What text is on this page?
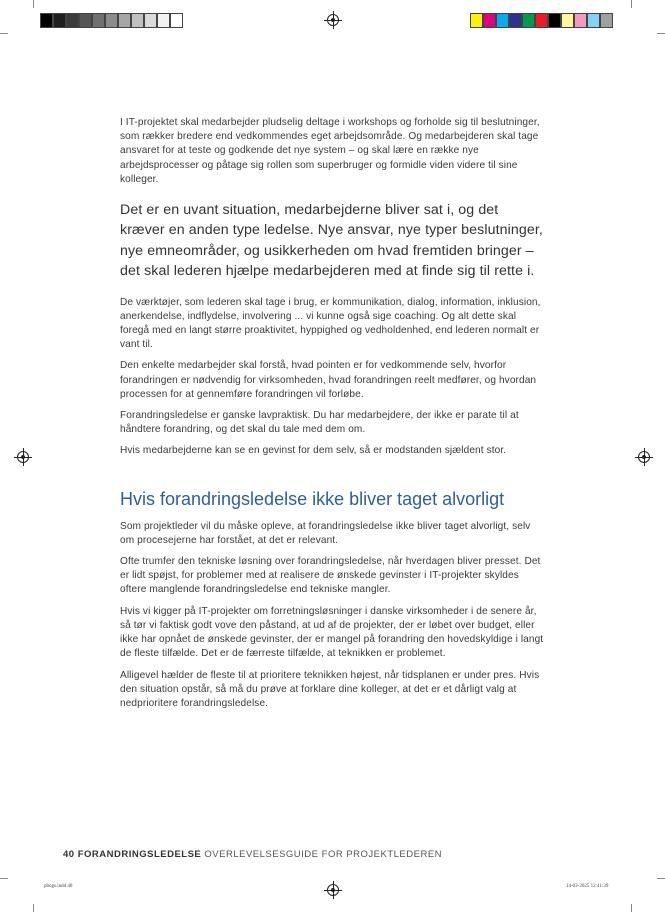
I IT-projektet skal medarbejder pludselig deltage i workshops og forholde sig til beslutninger, som rækker bredere end vedkommendes eget arbejdsområde. Og medarbejderen skal tage ansvaret for at teste og godkende det nye system – og skal lære en række nye arbejdsprocesser og påtage sig rollen som superbruger og formidle viden videre til sine kolleger.

Det er en uvant situation, medarbejderne bliver sat i, og det kræver en anden type ledelse. Nye ansvar, nye typer beslutninger, nye emneområder, og usikkerheden om hvad fremtiden bringer – det skal lederen hjælpe medarbejderen med at finde sig til rette i.

De værktøjer, som lederen skal tage i brug, er kommunikation, dialog, information, inklusion, anerkendelse, indflydelse, involvering ... vi kunne også sige coaching. Og alt dette skal foregå med en langt større proaktivitet, hyppighed og vedholdenhed, end lederen normalt er vant til.

Den enkelte medarbejder skal forstå, hvad pointen er for vedkommende selv, hvorfor forandringen er nødvendig for virksomheden, hvad forandringen reelt medfører, og hvordan processen for at gennemføre forandringen vil forløbe.

Forandringsledelse er ganske lavpraktisk. Du har medarbejdere, der ikke er parate til at håndtere forandring, og det skal du tale med dem om.

Hvis medarbejderne kan se en gevinst for dem selv, så er modstanden sjældent stor.

Hvis forandringsledelse ikke bliver taget alvorligt

Som projektleder vil du måske opleve, at forandringsledelse ikke bliver taget alvorligt, selv om procesejerne har forstået, at det er relevant.

Ofte trumfer den tekniske løsning over forandringsledelse, når hverdagen bliver presset. Det er lidt spøjst, for problemer med at realisere de ønskede gevinster i IT-projekter skyldes oftere manglende forandringsledelse end tekniske mangler.

Hvis vi kigger på IT-projekter om forretningsløsninger i danske virksomheder i de senere år, så tør vi faktisk godt vove den påstand, at ud af de projekter, der er løbet over budget, eller ikke har opnået de ønskede gevinster, der er mangel på forandring den hovedskyldige i langt de fleste tilfælde. Det er de færreste tilfælde, at teknikken er problemet.

Alligevel hælder de fleste til at prioritere teknikken højest, når tidsplanen er under pres. Hvis den situation opstår, så må du prøve at forklare dine kolleger, at det er et dårligt valg at nedprioritere forandringsledelse.

40 FORANDRINGSLEDELSE OVERLEVELSESGUIDE FOR PROJEKTLEDEREN
pbogs.indd 40	14-03-2025 12:41:39
